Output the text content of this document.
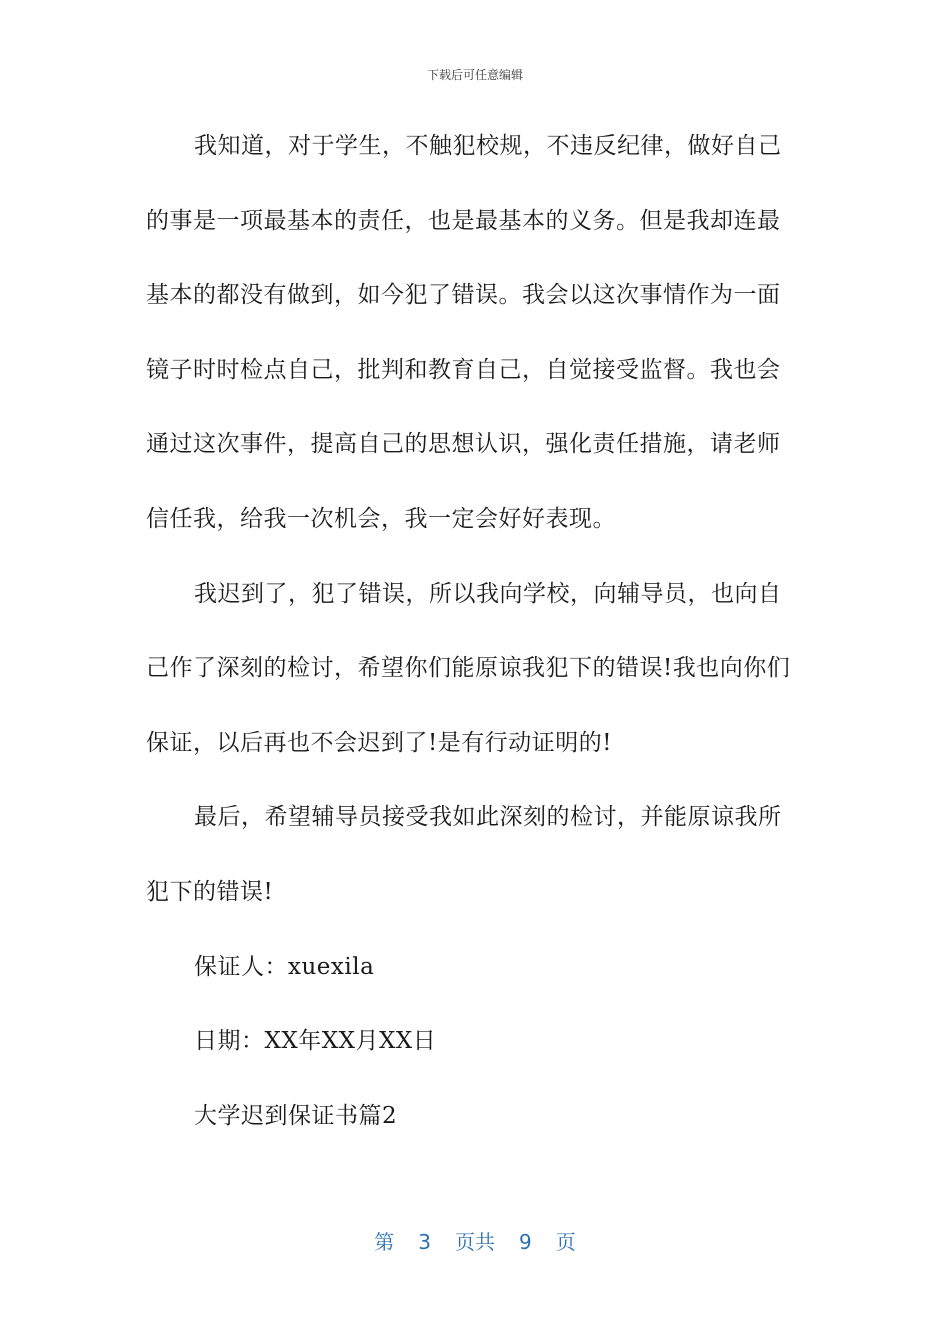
下载后可任意编辑
我知道，对于学生，不触犯校规，不违反纪律，做好自己
的事是一项最基本的责任，也是最基本的义务。但是我却连最
基本的都没有做到，如今犯了错误。我会以这次事情作为一面
镜子时时检点自己，批判和教育自己，自觉接受监督。我也会
通过这次事件，提高自己的思想认识，强化责任措施，请老师
信任我，给我一次机会，我一定会好好表现。
我迟到了，犯了错误，所以我向学校，向辅导员，也向自
己作了深刻的检讨，希望你们能原谅我犯下的错误!我也向你们
保证，以后再也不会迟到了!是有行动证明的!
最后，希望辅导员接受我如此深刻的检讨，并能原谅我所
犯下的错误!
保证人：xuexila
日期：XX年XX月XX日
大学迟到保证书篇2
第 3 页共 9 页
